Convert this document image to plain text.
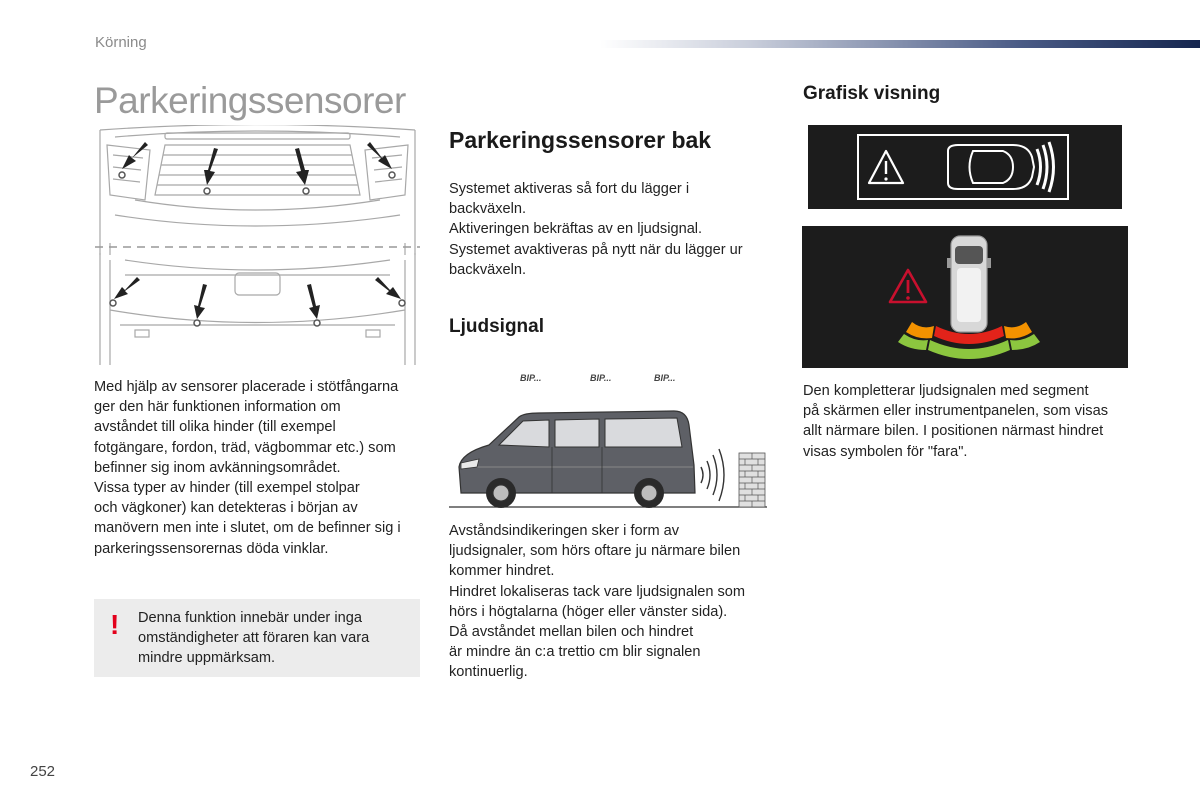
Körning
Parkeringssensorer
Med hjälp av sensorer placerade i stötfångarna
ger den här funktionen information om
avståndet till olika hinder (till exempel
fotgängare, fordon, träd, vägbommar etc.) som
befinner sig inom avkänningsområdet.
Vissa typer av hinder (till exempel stolpar
och vägkoner) kan detekteras i början av
manövern men inte i slutet, om de befinner sig i
parkeringssensorernas döda vinklar.
! Denna funktion innebär under inga
omständigheter att föraren kan vara
mindre uppmärksam.
Parkeringssensorer bak
Systemet aktiveras så fort du lägger i
backväxeln.
Aktiveringen bekräftas av en ljudsignal.
Systemet avaktiveras på nytt när du lägger ur
backväxeln.
Ljudsignal
BIP...	BIP...	BIP...
Avståndsindikeringen sker i form av
ljudsignaler, som hörs oftare ju närmare bilen
kommer hindret.
Hindret lokaliseras tack vare ljudsignalen som
hörs i högtalarna (höger eller vänster sida).
Då avståndet mellan bilen och hindret
är mindre än c:a trettio cm blir signalen
kontinuerlig.
Grafisk visning
Den kompletterar ljudsignalen med segment
på skärmen eller instrumentpanelen, som visas
allt närmare bilen. I positionen närmast hindret
visas symbolen för "fara".
252
